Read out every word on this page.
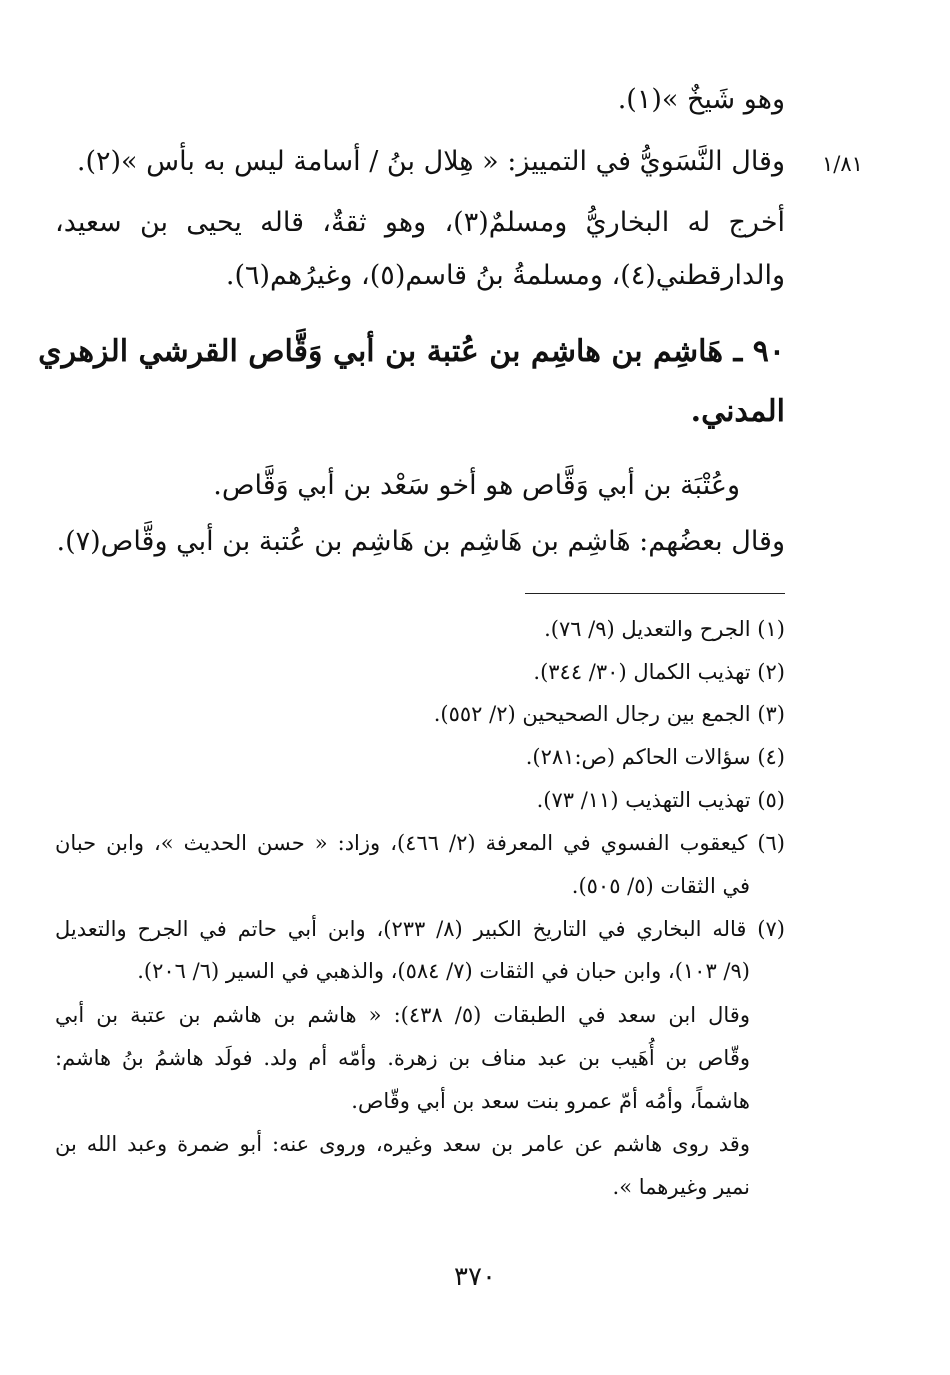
وهو شَيخٌ »(١).
١/٨١
وقال النَّسَويُّ في التمييز: « هِلال بنُ / أسامة ليس به بأس »(٢).
أخرج له البخاريُّ ومسلمٌ(٣)، وهو ثقةٌ، قاله يحيى بن سعيد،
والدارقطني(٤)، ومسلمةُ بنُ قاسم(٥)، وغيرُهم(٦).
٩٠ ـ هَاشِم بن هاشِم بن عُتبة بن أبي وَقَّاص القرشي الزهري
المدني.
وعُتْبَة بن أبي وَقَّاص هو أخو سَعْد بن أبي وَقَّاص.
وقال بعضُهم: هَاشِم بن هَاشِم بن هَاشِم بن عُتبة بن أبي وقَّاص(٧).
(١) الجرح والتعديل (٩/ ٧٦).
(٢) تهذيب الكمال (٣٠/ ٣٤٤).
(٣) الجمع بين رجال الصحيحين (٢/ ٥٥٢).
(٤) سؤالات الحاكم (ص:٢٨١).
(٥) تهذيب التهذيب (١١/ ٧٣).
(٦) كيعقوب الفسوي في المعرفة (٢/ ٤٦٦)، وزاد: « حسن الحديث »، وابن حبان
في الثقات (٥/ ٥٠٥).
(٧) قاله البخاري في التاريخ الكبير (٨/ ٢٣٣)، وابن أبي حاتم في الجرح والتعديل
(٩/ ١٠٣)، وابن حبان في الثقات (٧/ ٥٨٤)، والذهبي في السير (٦/ ٢٠٦).
وقال ابن سعد في الطبقات (٥/ ٤٣٨): « هاشم بن هاشم بن عتبة بن أبي
وقّاص بن أُهَيب بن عبد مناف بن زهرة. وأمّه أم ولد. فولَد هاشمُ بنُ هاشم:
هاشماً، وأمُه أمّ عمرو بنت سعد بن أبي وقّاص.
وقد روى هاشم عن عامر بن سعد وغيره، وروى عنه: أبو ضمرة وعبد الله بن
نمير وغيرهما ».
٣٧٠
